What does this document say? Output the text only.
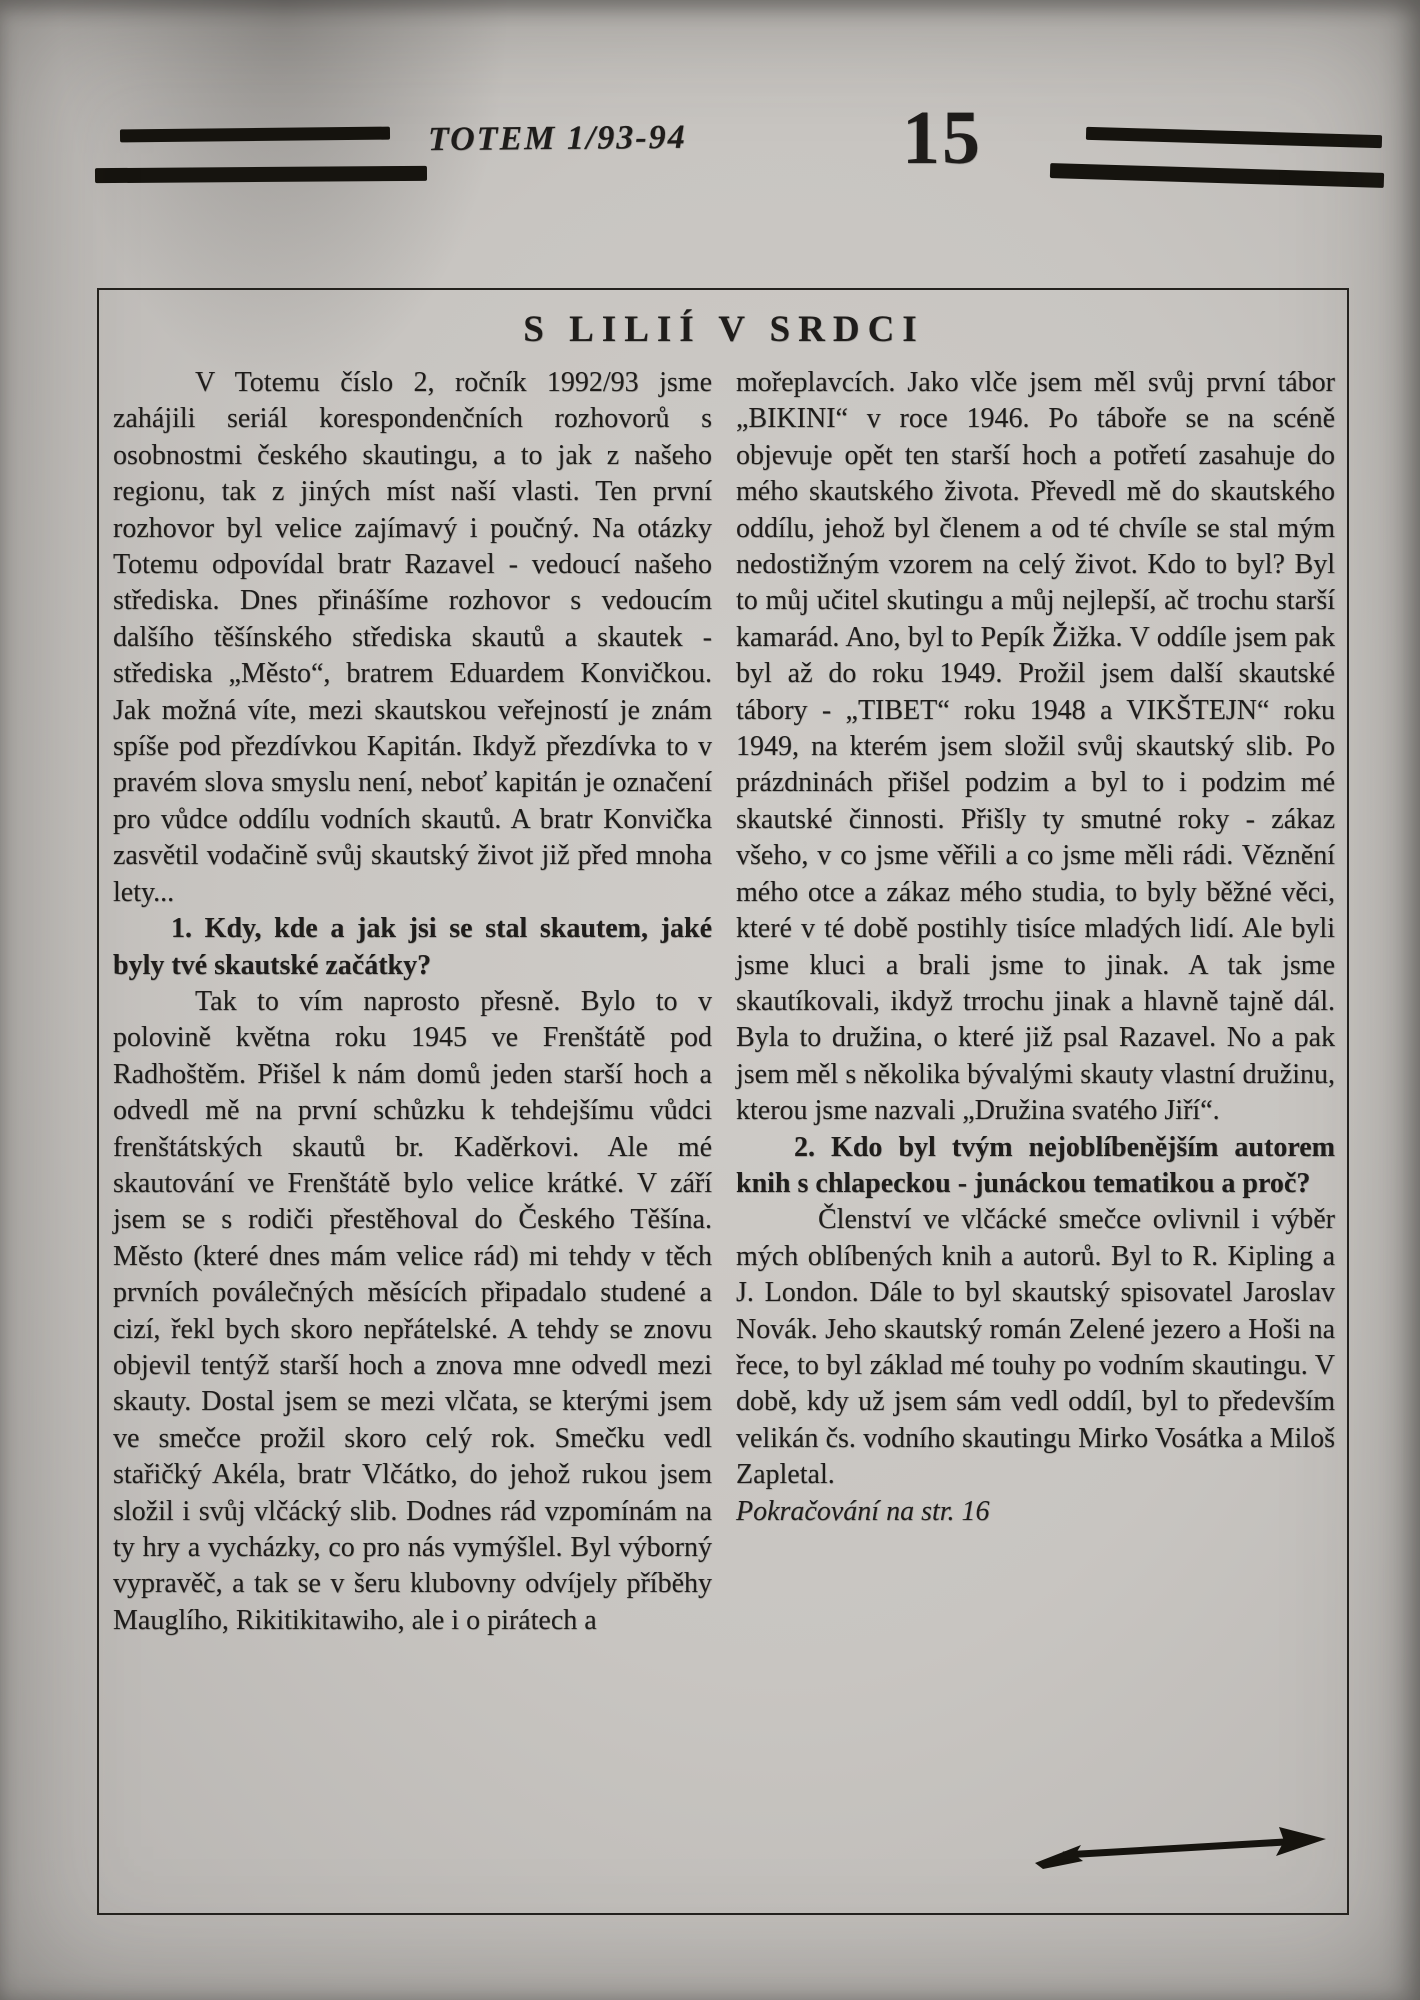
TOTEM 1/93-94	15
S LILIÍ V SRDCI

V Totemu číslo 2, ročník 1992/93 jsme zahájili seriál korespondenčních rozhovorů s osobnostmi českého skautingu, a to jak z našeho regionu, tak z jiných míst naší vlasti. Ten první rozhovor byl velice zajímavý i poučný. Na otázky Totemu odpovídal bratr Razavel - vedoucí našeho střediska. Dnes přinášíme rozhovor s vedoucím dalšího těšínského střediska skautů a skautek - střediska „Město“, bratrem Eduardem Konvičkou. Jak možná víte, mezi skautskou veřejností je znám spíše pod přezdívkou Kapitán. Ikdyž přezdívka to v pravém slova smyslu není, neboť kapitán je označení pro vůdce oddílu vodních skautů. A bratr Konvička zasvětil vodačině svůj skautský život již před mnoha lety...

1. Kdy, kde a jak jsi se stal skautem, jaké byly tvé skautské začátky?

Tak to vím naprosto přesně. Bylo to v polovině května roku 1945 ve Frenštátě pod Radhoštěm. Přišel k nám domů jeden starší hoch a odvedl mě na první schůzku k tehdejšímu vůdci frenštátských skautů br. Kaděrkovi. Ale mé skautování ve Frenštátě bylo velice krátké. V září jsem se s rodiči přestěhoval do Českého Těšína. Město (které dnes mám velice rád) mi tehdy v těch prvních poválečných měsících připadalo studené a cizí, řekl bych skoro nepřátelské. A tehdy se znovu objevil tentýž starší hoch a znova mne odvedl mezi skauty. Dostal jsem se mezi vlčata, se kterými jsem ve smečce prožil skoro celý rok. Smečku vedl stařičký Akéla, bratr Vlčátko, do jehož rukou jsem složil i svůj vlčácký slib. Dodnes rád vzpomínám na ty hry a vycházky, co pro nás vymýšlel. Byl výborný vypravěč, a tak se v šeru klubovny odvíjely příběhy Mauglího, Rikitikitawiho, ale i o pirátech a

mořeplavcích. Jako vlče jsem měl svůj první tábor „BIKINI“ v roce 1946. Po táboře se na scéně objevuje opět ten starší hoch a potřetí zasahuje do mého skautského života. Převedl mě do skautského oddílu, jehož byl členem a od té chvíle se stal mým nedostižným vzorem na celý život. Kdo to byl? Byl to můj učitel skutingu a můj nejlepší, ač trochu starší kamarád. Ano, byl to Pepík Žižka. V oddíle jsem pak byl až do roku 1949. Prožil jsem další skautské tábory - „TIBET“ roku 1948 a VIKŠTEJN“ roku 1949, na kterém jsem složil svůj skautský slib. Po prázdninách přišel podzim a byl to i podzim mé skautské činnosti. Přišly ty smutné roky - zákaz všeho, v co jsme věřili a co jsme měli rádi. Věznění mého otce a zákaz mého studia, to byly běžné věci, které v té době postihly tisíce mladých lidí. Ale byli jsme kluci a brali jsme to jinak. A tak jsme skautíkovali, ikdyž trrochu jinak a hlavně tajně dál. Byla to družina, o které již psal Razavel. No a pak jsem měl s několika bývalými skauty vlastní družinu, kterou jsme nazvali „Družina svatého Jiří“.

2. Kdo byl tvým nejoblíbenějším autorem knih s chlapeckou - junáckou tematikou a proč?

Členství ve vlčácké smečce ovlivnil i výběr mých oblíbených knih a autorů. Byl to R. Kipling a J. London. Dále to byl skautský spisovatel Jaroslav Novák. Jeho skautský román Zelené jezero a Hoši na řece, to byl základ mé touhy po vodním skautingu. V době, kdy už jsem sám vedl oddíl, byl to především velikán čs. vodního skautingu Mirko Vosátka a Miloš Zapletal.

Pokračování na str. 16
